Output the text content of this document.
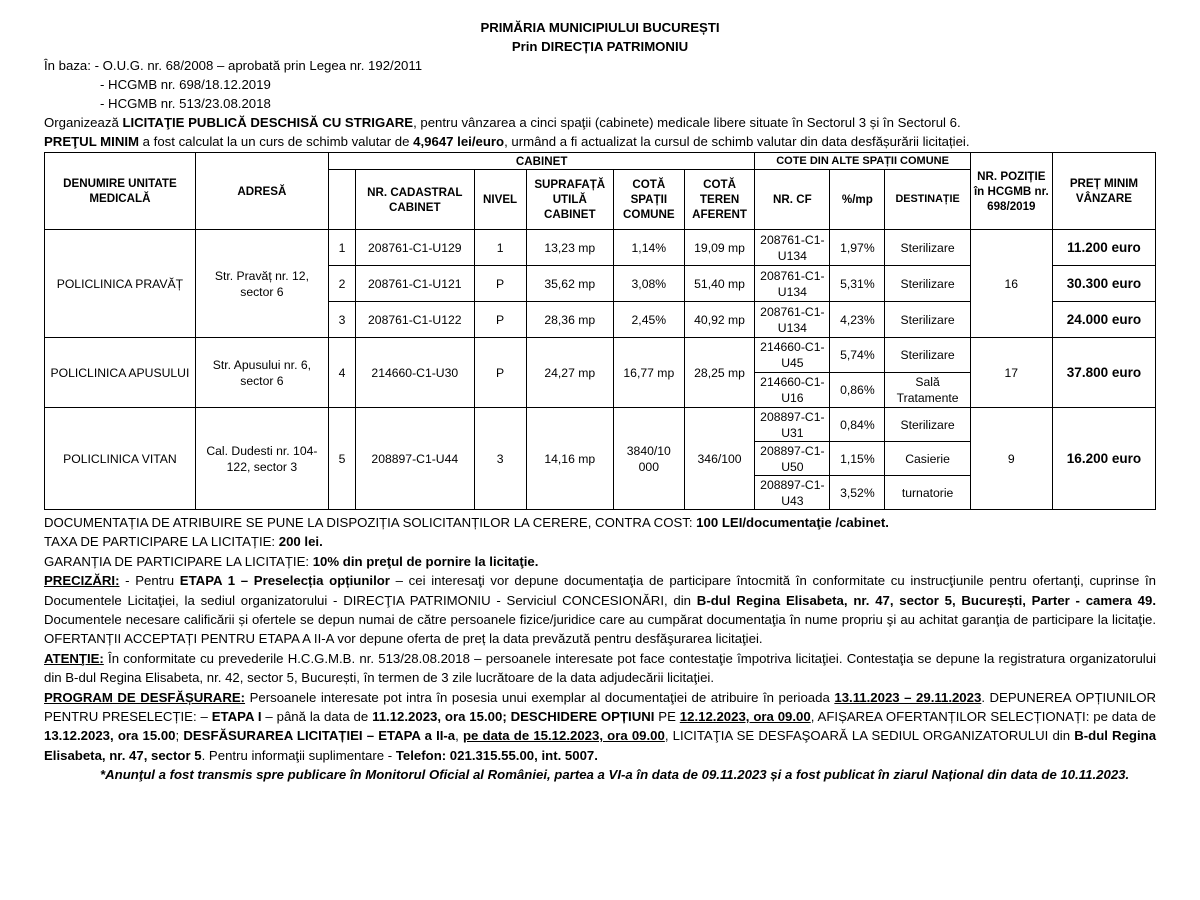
PRIMĂRIA MUNICIPIULUI BUCUREȘTI
Prin DIRECȚIA PATRIMONIU
În baza: - O.U.G. nr. 68/2008 – aprobată prin Legea nr. 192/2011
- HCGMB nr. 698/18.12.2019
- HCGMB nr. 513/23.08.2018
Organizează LICITAŢIE PUBLICĂ DESCHISĂ CU STRIGARE, pentru vânzarea a cinci spaţii (cabinete) medicale libere situate în Sectorul 3 și în Sectorul 6.
PREŢUL MINIM a fost calculat la un curs de schimb valutar de 4,9647 lei/euro, urmând a fi actualizat la cursul de schimb valutar din data desfășurării licitației.
DENUMIRE UNITATE MEDICALĂ	ADRESĂ	CABINET						COTE DIN ALTE SPAȚII COMUNE			NR. POZIȚIE în HCGMB nr. 698/2019	PREȚ MINIM VÂNZARE
			NR. CADASTRAL CABINET	NIVEL	SUPRAFAȚĂ UTILĂ CABINET	COTĂ SPAȚII COMUNE	COTĂ TEREN AFERENT	NR. CF	%/mp	DESTINAȚIE		
POLICLINICA PRAVĂȚ	Str. Pravăț nr. 12, sector 6	1	208761-C1-U129	1	13,23 mp	1,14%	19,09 mp	208761-C1-U134	1,97%	Sterilizare	16	11.200 euro
		2	208761-C1-U121	P	35,62 mp	3,08%	51,40 mp	208761-C1-U134	5,31%	Sterilizare		30.300 euro
		3	208761-C1-U122	P	28,36 mp	2,45%	40,92 mp	208761-C1-U134	4,23%	Sterilizare		24.000 euro
POLICLINICA APUSULUI	Str. Apusului nr. 6, sector 6	4	214660-C1-U30	P	24,27 mp	16,77 mp	28,25 mp	214660-C1-U45	5,74%	Sterilizare	17	37.800 euro
								214660-C1-U16	0,86%	Sală Tratamente		
POLICLINICA VITAN	Cal. Dudesti nr. 104-122, sector 3	5	208897-C1-U44	3	14,16 mp	3840/10 000	346/100	208897-C1-U31	0,84%	Sterilizare	9	16.200 euro
								208897-C1-U50	1,15%	Casierie		
								208897-C1-U43	3,52%	turnatorie		

DOCUMENTAȚIA DE ATRIBUIRE SE PUNE LA DISPOZIȚIA SOLICITANȚILOR LA CERERE, CONTRA COST: 100 LEI/documentaţie /cabinet.

TAXA DE PARTICIPARE LA LICITAȚIE: 200 lei.

GARANȚIA DE PARTICIPARE LA LICITAȚIE: 10% din preţul de pornire la licitaţie.

PRECIZĂRI: - Pentru ETAPA 1 – Preselecția opțiunilor – cei interesaţi vor depune documentaţia de participare întocmită în conformitate cu instrucţiunile pentru ofertanţi, cuprinse în Documentele Licitaţiei, la sediul organizatorului - DIRECŢIA PATRIMONIU - Serviciul CONCESIONĂRI, din B-dul Regina Elisabeta, nr. 47, sector 5, București, Parter - camera 49. Documentele necesare calificării și ofertele se depun numai de către persoanele fizice/juridice care au cumpărat documentaţia în nume propriu şi au achitat garanţia de participare la licitaţie. OFERTANȚII ACCEPTAȚI PENTRU ETAPA A II-A vor depune oferta de preț la data prevăzută pentru desfăşurarea licitaţiei.

ATENŢIE: În conformitate cu prevederile H.C.G.M.B. nr. 513/28.08.2018 – persoanele interesate pot face contestaţie împotriva licitaţiei. Contestaţia se depune la registratura organizatorului din B-dul Regina Elisabeta, nr. 42, sector 5, București, în termen de 3 zile lucrătoare de la data adjudecării licitaţiei.

PROGRAM DE DESFĂȘURARE: Persoanele interesate pot intra în posesia unui exemplar al documentaţiei de atribuire în perioada 13.11.2023 – 29.11.2023. DEPUNEREA OPȚIUNILOR PENTRU PRESELECȚIE: – ETAPA I – până la data de 11.12.2023, ora 15.00; DESCHIDERE OPȚIUNI PE 12.12.2023, ora 09.00, AFIȘAREA OFERTANȚILOR SELECȚIONAȚI: pe data de 13.12.2023, ora 15.00; DESFĂSURAREA LICITAȚIEI – ETAPA a II-a, pe data de 15.12.2023, ora 09.00, LICITAŢIA SE DESFAŞOARĂ LA SEDIUL ORGANIZATORULUI din B-dul Regina Elisabeta, nr. 47, sector 5. Pentru informaţii suplimentare - Telefon: 021.315.55.00, int. 5007.

*Anunţul a fost transmis spre publicare în Monitorul Oficial al României, partea a VI-a în data de 09.11.2023 și a fost publicat în ziarul Național din data de 10.11.2023.
